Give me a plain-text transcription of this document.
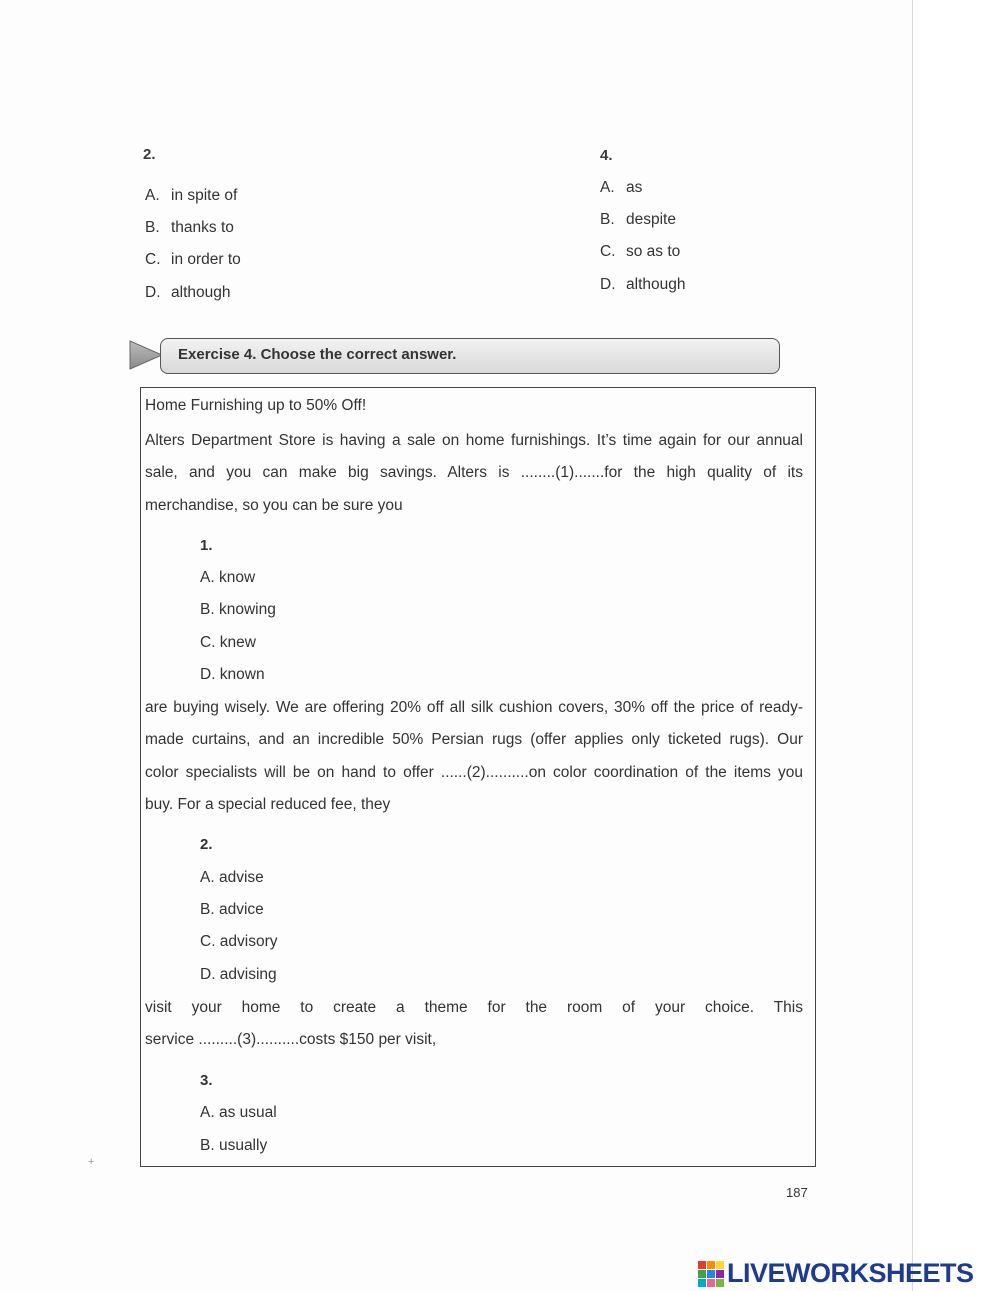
2.
A. in spite of
B. thanks to
C. in order to
D. although
4.
A. as
B. despite
C. so as to
D. although
Exercise 4. Choose the correct answer.
Home Furnishing up to 50% Off!
Alters Department Store is having a sale on home furnishings. It’s time again for our annual
sale, and you can make big savings. Alters is ........(1).......for the high quality of its
merchandise, so you can be sure you
1.
A. know
B. knowing
C. knew
D. known
are buying wisely. We are offering 20% off all silk cushion covers, 30% off the price of ready-
made curtains, and an incredible 50% Persian rugs (offer applies only ticketed rugs). Our
color specialists will be on hand to offer ......(2)..........on color coordination of the items you
buy. For a special reduced fee, they
2.
A. advise
B. advice
C. advisory
D. advising
visit your home to create a theme for the room of your choice. This
service .........(3)..........costs $150 per visit,
3.
A. as usual
B. usually
+
187
LIVEWORKSHEETS
